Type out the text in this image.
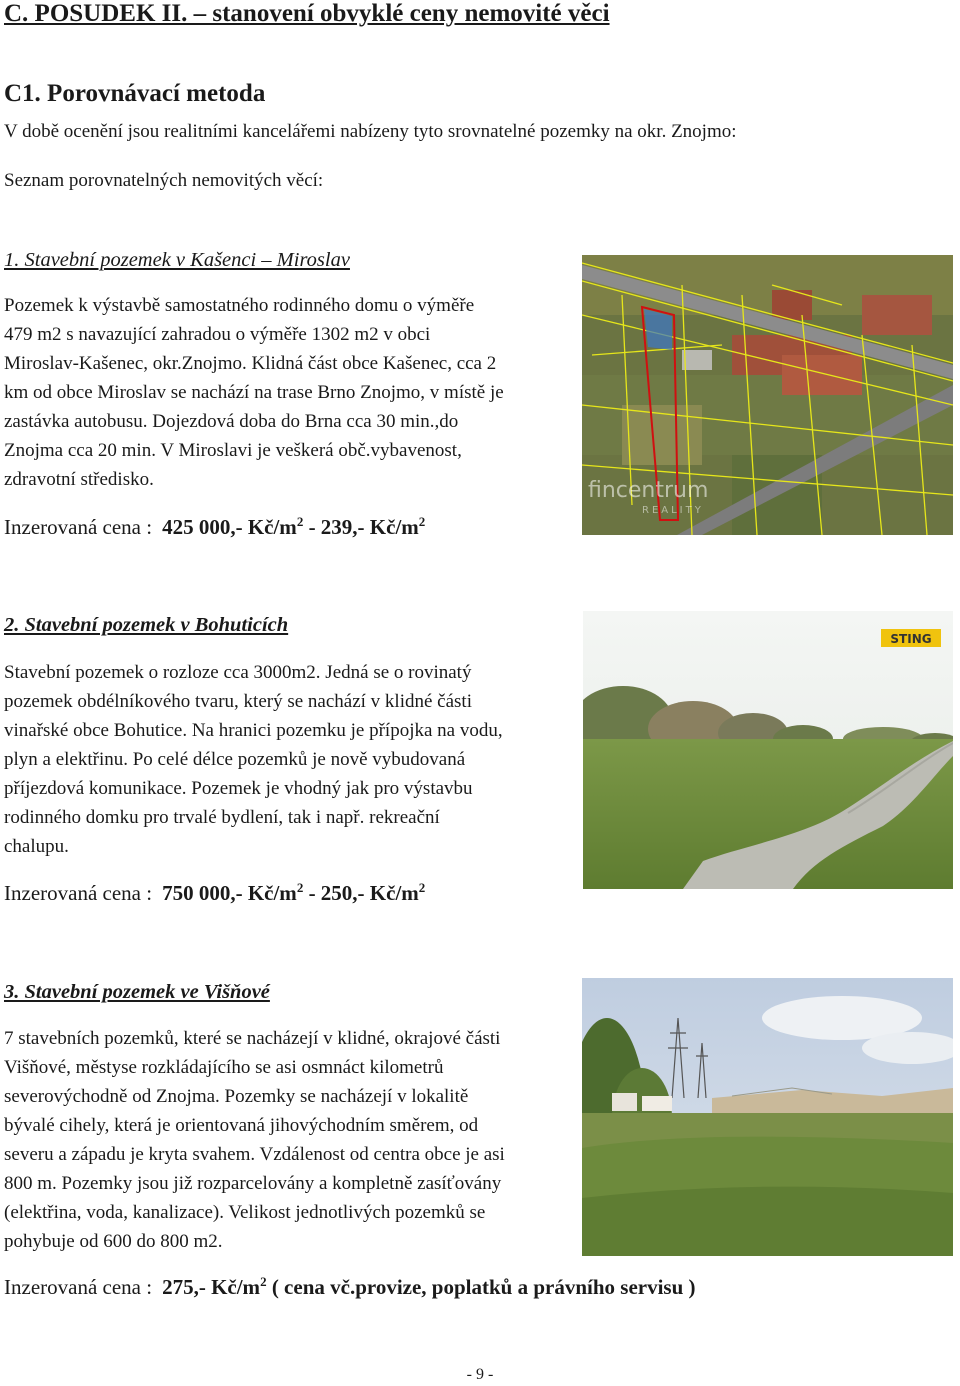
C. POSUDEK II. – stanovení obvyklé ceny nemovité věci
C1. Porovnávací metoda
V době ocenění jsou realitními kancelářemi nabízeny tyto srovnatelné pozemky na okr. Znojmo:
Seznam porovnatelných nemovitých věcí:
1. Stavební pozemek v Kašenci – Miroslav
Pozemek k výstavbě samostatného rodinného domu o výměře
479 m2 s navazující zahradou o výměře 1302 m2 v obci
Miroslav-Kašenec, okr.Znojmo. Klidná část obce Kašenec, cca 2
km od obce Miroslav se nachází na trase Brno Znojmo, v místě je
zastávka autobusu. Dojezdová doba do Brna cca 30 min.,do
Znojma cca 20 min. V Miroslavi je veškerá obč.vybavenost,
zdravotní středisko.
Inzerovaná cena : 425 000,- $Kč/m^2 - 239,-$ $Kč/m^2$
fincentrum
REALITY
2. Stavební pozemek v Bohuticích
Stavební pozemek o rozloze cca 3000m2. Jedná se o rovinatý
pozemek obdélníkového tvaru, který se nachází v klidné části
vinařské obce Bohutice. Na hranici pozemku je přípojka na vodu,
plyn a elektřinu. Po celé délce pozemků je nově vybudovaná
příjezdová komunikace. Pozemek je vhodný jak pro výstavbu
rodinného domku pro trvalé bydlení, tak i např. rekreační
chalupu.
Inzerovaná cena : 750 000,- $Kč/m^2 - 250,-$ $Kč/m^2$
STING
3. Stavební pozemek ve Višňové
7 stavebních pozemků, které se nacházejí v klidné, okrajové části
Višňové, městyse rozkládajícího se asi osmnáct kilometrů
severovýchodně od Znojma. Pozemky se nacházejí v lokalitě
bývalé cihely, která je orientovaná jihovýchodním směrem, od
severu a západu je kryta svahem. Vzdálenost od centra obce je asi
800 m. Pozemky jsou již rozparcelovány a kompletně zasíťovány
(elektřina, voda, kanalizace). Velikost jednotlivých pozemků se
pohybuje od 600 do 800 m2.
Inzerovaná cena : 275,- $Kč/m^2$ ( cena vč.provize, poplatků a právního servisu )
- 9 -
